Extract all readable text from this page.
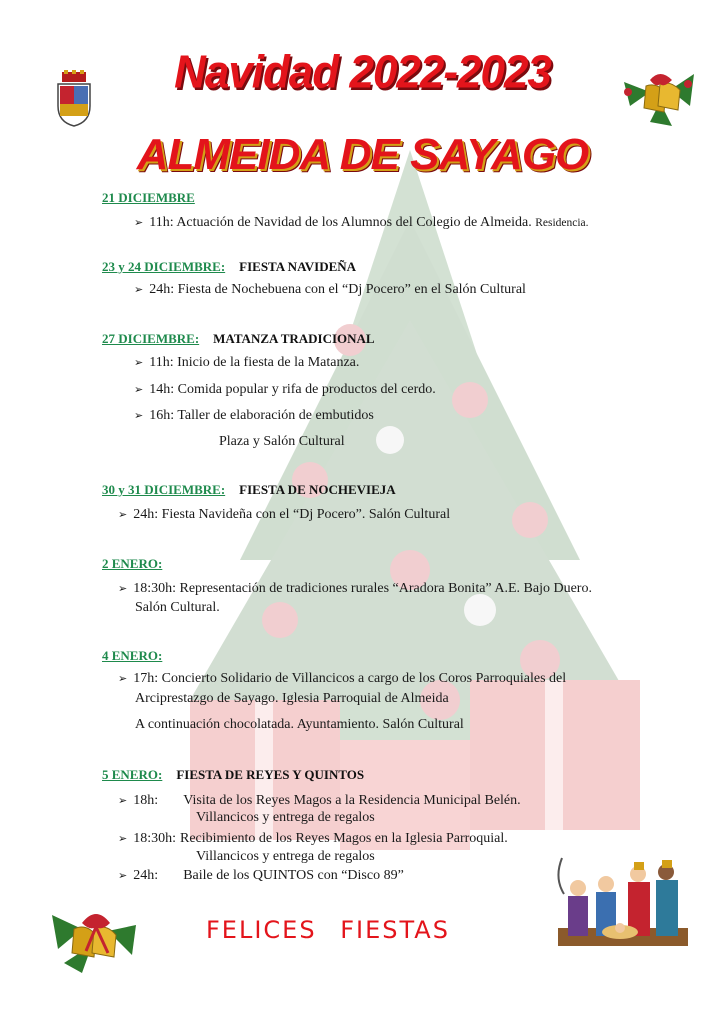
Navidad 2022-2023
ALMEIDA DE SAYAGO
21 DICIEMBRE
➢ 11h: Actuación de Navidad de los Alumnos del Colegio de Almeida. Residencia.
23 y 24 DICIEMBRE: FIESTA NAVIDEÑA
➢ 24h: Fiesta de Nochebuena con el “Dj Pocero” en el Salón Cultural
27 DICIEMBRE: MATANZA TRADICIONAL
➢ 11h: Inicio de la fiesta de la Matanza.
➢ 14h: Comida popular y rifa de productos del cerdo.
➢ 16h: Taller de elaboración de embutidos
Plaza y Salón Cultural
30 y 31 DICIEMBRE: FIESTA DE NOCHEVIEJA
➢ 24h: Fiesta Navideña con el “Dj Pocero”. Salón Cultural
2 ENERO:
➢ 18:30h: Representación de tradiciones rurales “Aradora Bonita” A.E. Bajo Duero.
Salón Cultural.
4 ENERO:
➢ 17h: Concierto Solidario de Villancicos a cargo de los Coros Parroquiales del
Arciprestazgo de Sayago. Iglesia Parroquial de Almeida
A continuación chocolatada. Ayuntamiento. Salón Cultural
5 ENERO: FIESTA DE REYES Y QUINTOS
➢ 18h: Visita de los Reyes Magos a la Residencia Municipal Belén.
Villancicos y entrega de regalos
➢ 18:30h: Recibimiento de los Reyes Magos en la Iglesia Parroquial.
Villancicos y entrega de regalos
➢ 24h: Baile de los QUINTOS con “Disco 89”
FELICES FIESTAS
